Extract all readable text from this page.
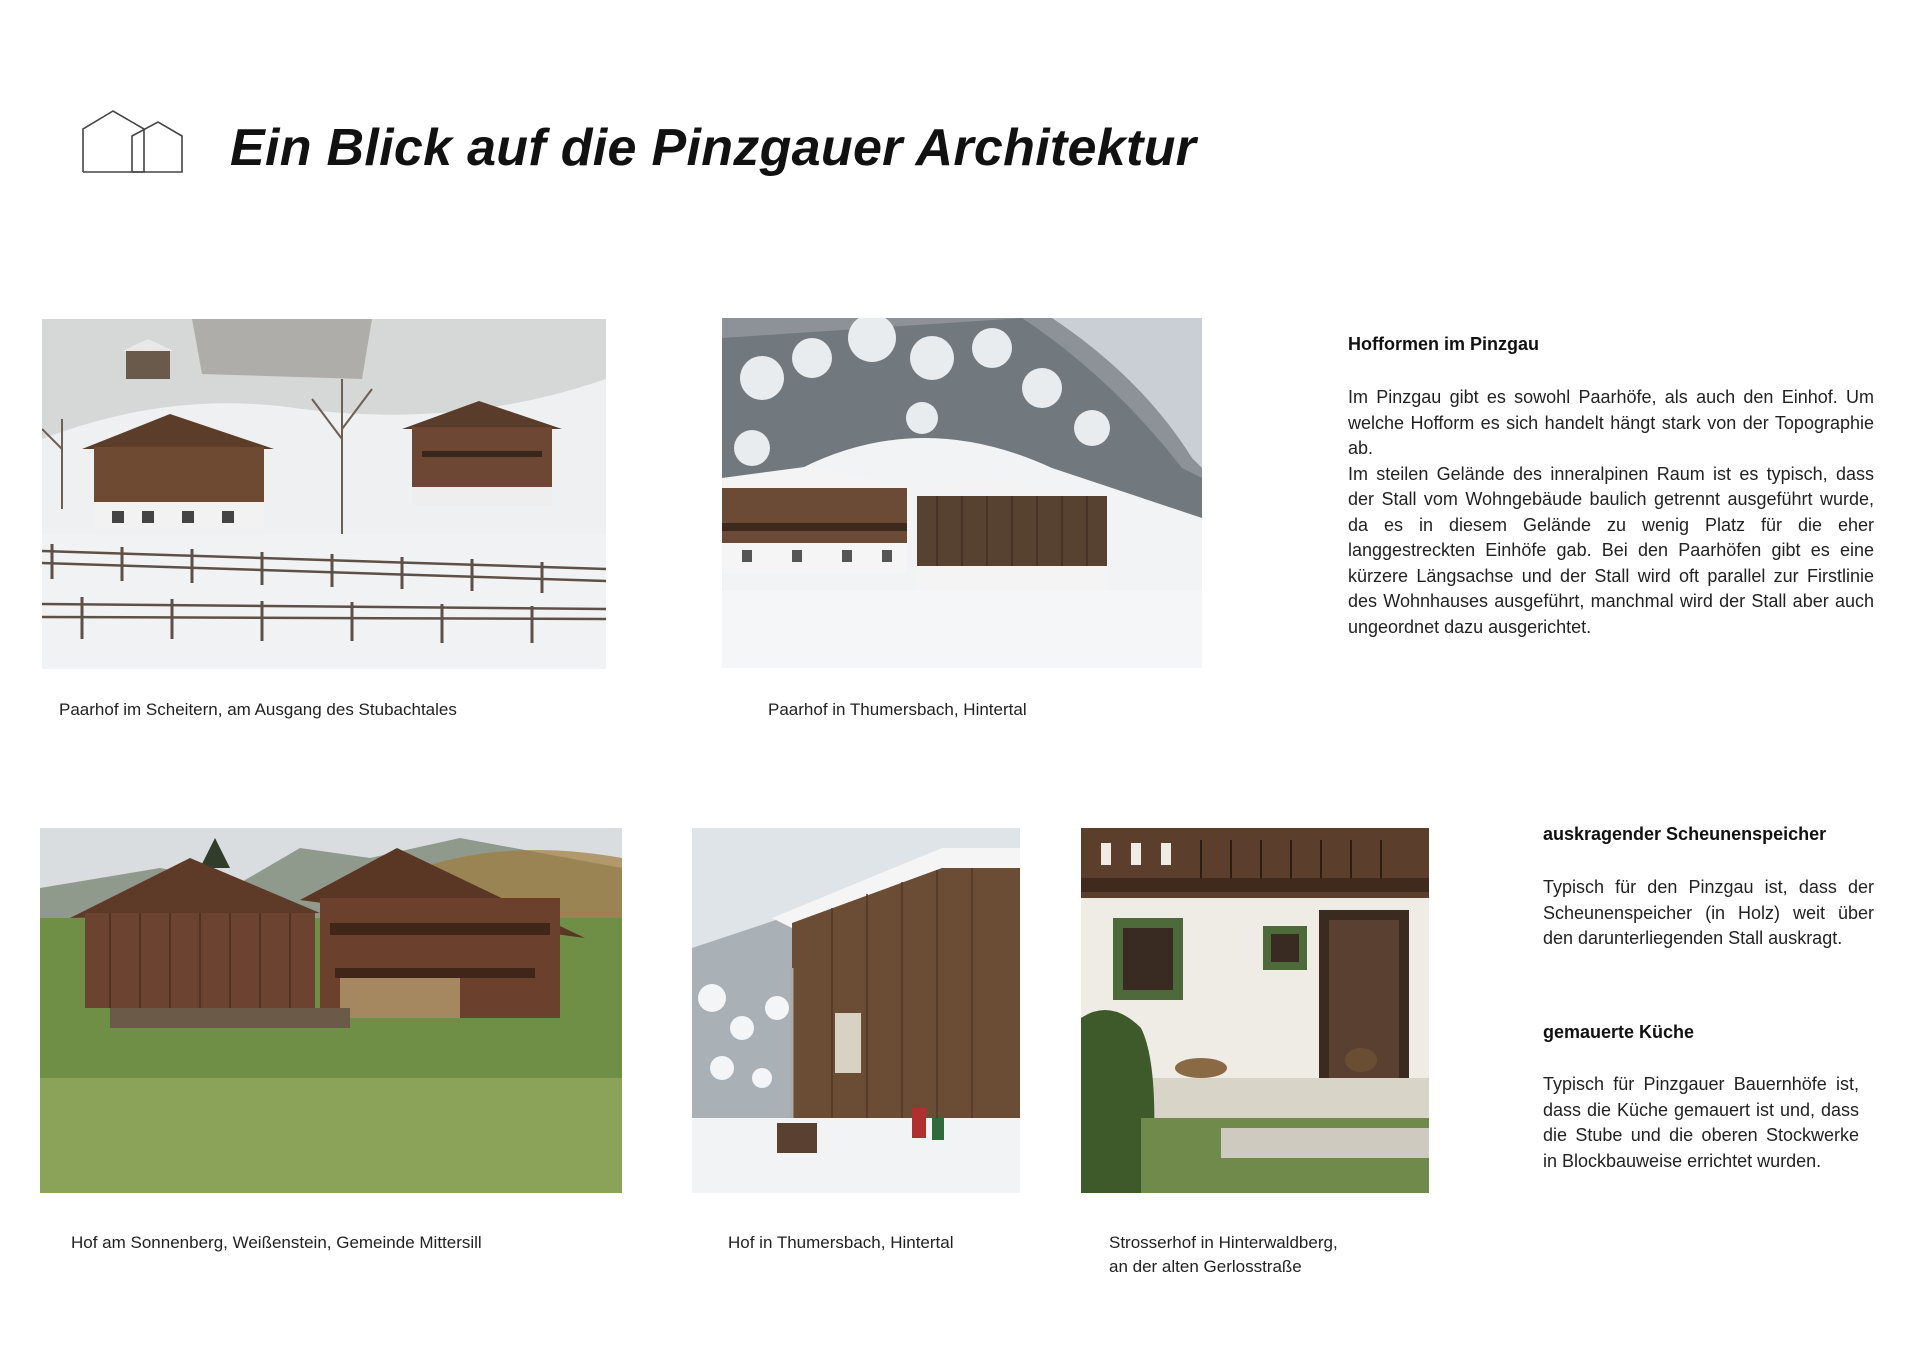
Ein Blick auf die Pinzgauer Architektur

Paarhof im Scheitern, am Ausgang des Stubachtales	Paarhof in Thumersbach, Hintertal

Hofformen im Pinzgau

Im Pinzgau gibt es sowohl Paarhöfe, als auch den Einhof. Um welche Hofform es sich handelt hängt stark von der Topographie ab.
Im steilen Gelände des inneralpinen Raum ist es typisch, dass der Stall vom Wohngebäude baulich getrennt ausgeführt wurde, da es in diesem Gelände zu wenig Platz für die eher langgestreckten Einhöfe gab. Bei den Paarhöfen gibt es eine kürzere Längsachse und der Stall wird oft parallel zur Firstlinie des Wohnhauses ausgeführt, manchmal wird der Stall aber auch ungeordnet dazu ausgerichtet.

Hof am Sonnenberg, Weißenstein, Gemeinde Mittersill	Hof in Thumersbach, Hintertal	Strosserhof in Hinterwaldberg,
an der alten Gerlosstraße

auskragender Scheunenspeicher

Typisch für den Pinzgau ist, dass der Scheunenspeicher (in Holz) weit über den darunterliegenden Stall auskragt.

gemauerte Küche

Typisch für Pinzgauer Bauernhöfe ist, dass die Küche gemauert ist und, dass die Stube und die oberen Stockwerke in Blockbauweise errichtet wurden.
